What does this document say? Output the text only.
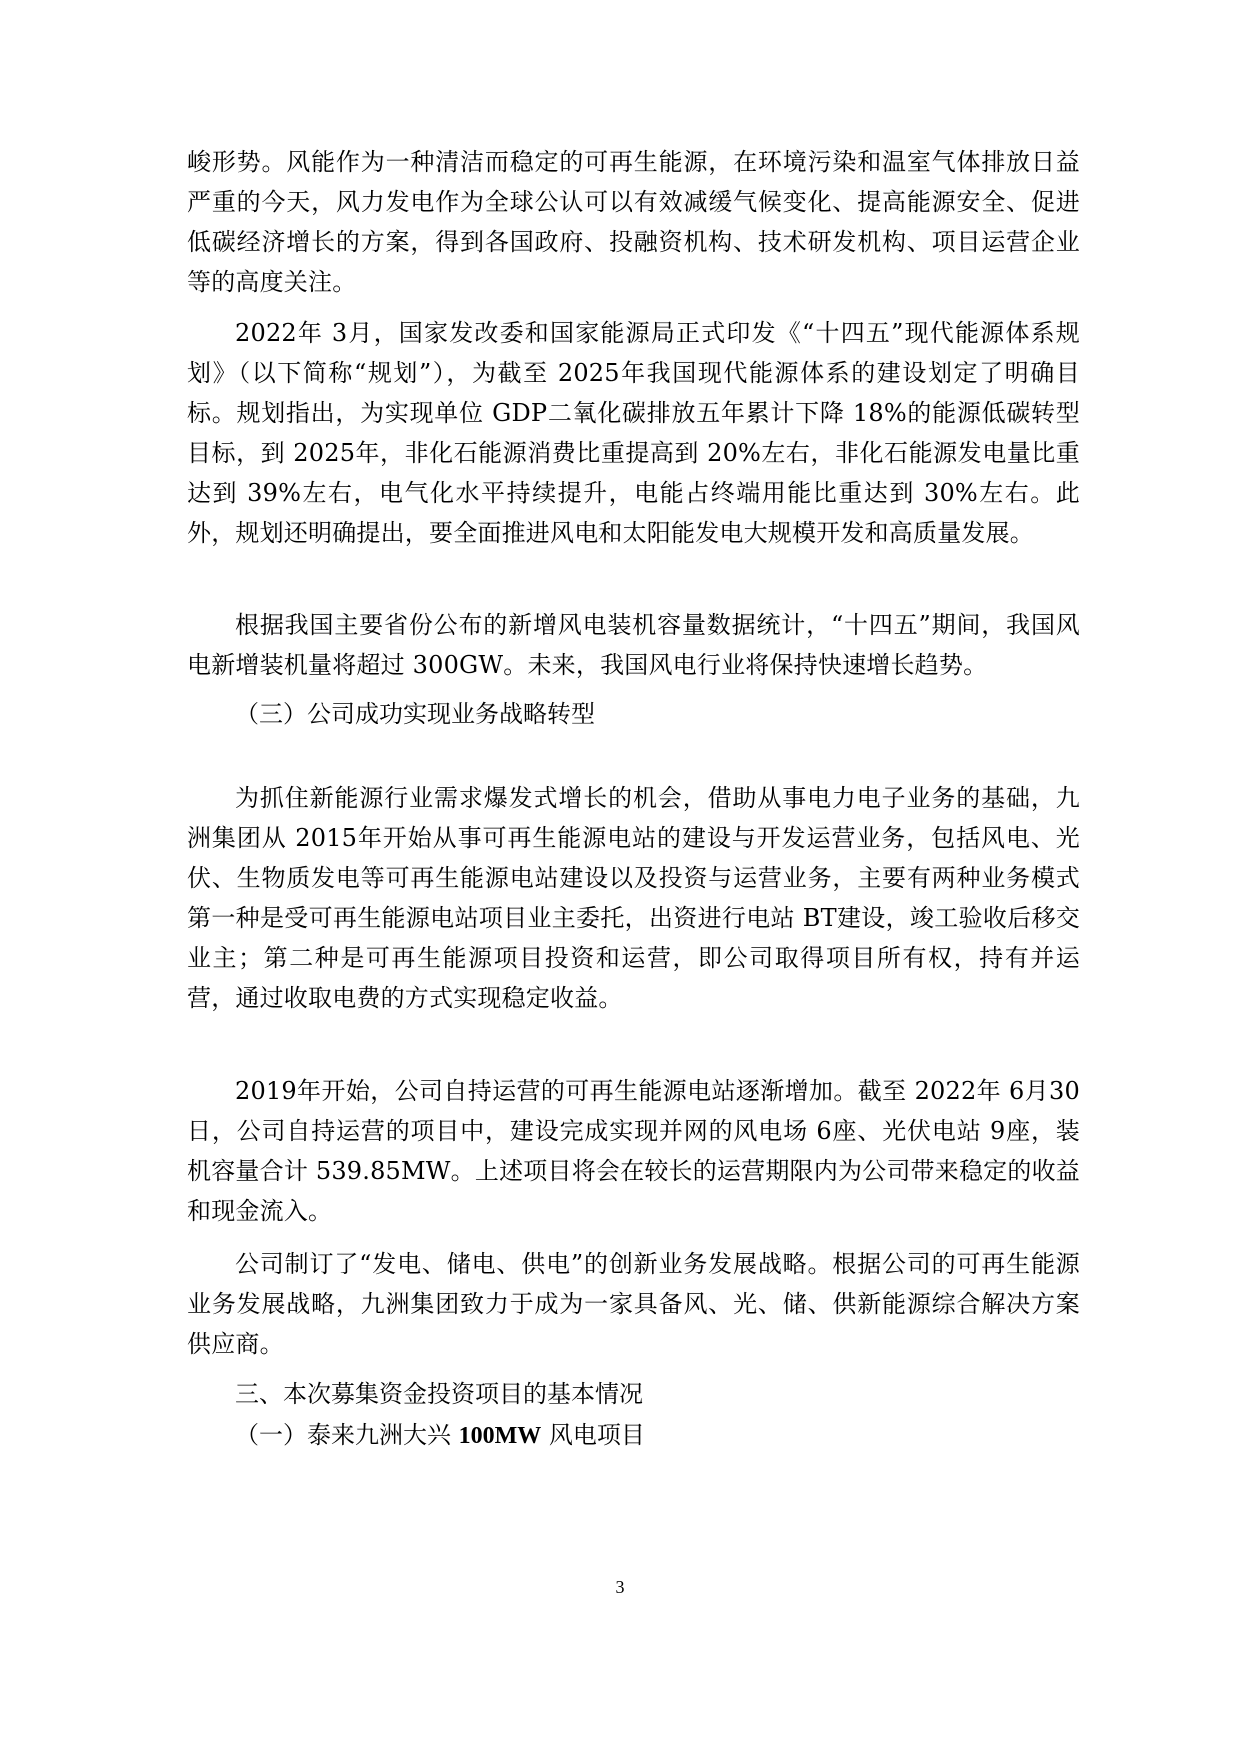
峻形势。风能作为一种清洁而稳定的可再生能源，在环境污染和温室气体排放日益严重的今天，风力发电作为全球公认可以有效减缓气候变化、提高能源安全、促进低碳经济增长的方案，得到各国政府、投融资机构、技术研发机构、项目运营企业等的高度关注。

2022年 3月，国家发改委和国家能源局正式印发《“十四五”现代能源体系规划》（以下简称“规划”），为截至 2025年我国现代能源体系的建设划定了明确目标。规划指出，为实现单位 GDP二氧化碳排放五年累计下降 18%的能源低碳转型目标，到 2025年，非化石能源消费比重提高到 20%左右，非化石能源发电量比重达到 39%左右，电气化水平持续提升，电能占终端用能比重达到 30%左右。此外，规划还明确提出，要全面推进风电和太阳能发电大规模开发和高质量发展。

根据我国主要省份公布的新增风电装机容量数据统计，“十四五”期间，我国风电新增装机量将超过 300GW。未来，我国风电行业将保持快速增长趋势。

（三）公司成功实现业务战略转型

为抓住新能源行业需求爆发式增长的机会，借助从事电力电子业务的基础，九洲集团从 2015年开始从事可再生能源电站的建设与开发运营业务，包括风电、光伏、生物质发电等可再生能源电站建设以及投资与运营业务，主要有两种业务模式第一种是受可再生能源电站项目业主委托，出资进行电站 BT建设，竣工验收后移交业主；第二种是可再生能源项目投资和运营，即公司取得项目所有权，持有并运营，通过收取电费的方式实现稳定收益。

2019年开始，公司自持运营的可再生能源电站逐渐增加。截至 2022年 6月30日，公司自持运营的项目中，建设完成实现并网的风电场 6座、光伏电站 9座，装机容量合计 539.85MW。上述项目将会在较长的运营期限内为公司带来稳定的收益和现金流入。

公司制订了“发电、储电、供电”的创新业务发展战略。根据公司的可再生能源业务发展战略，九洲集团致力于成为一家具备风、光、储、供新能源综合解决方案供应商。

三、本次募集资金投资项目的基本情况

（一）泰来九洲大兴 100MW 风电项目

3
